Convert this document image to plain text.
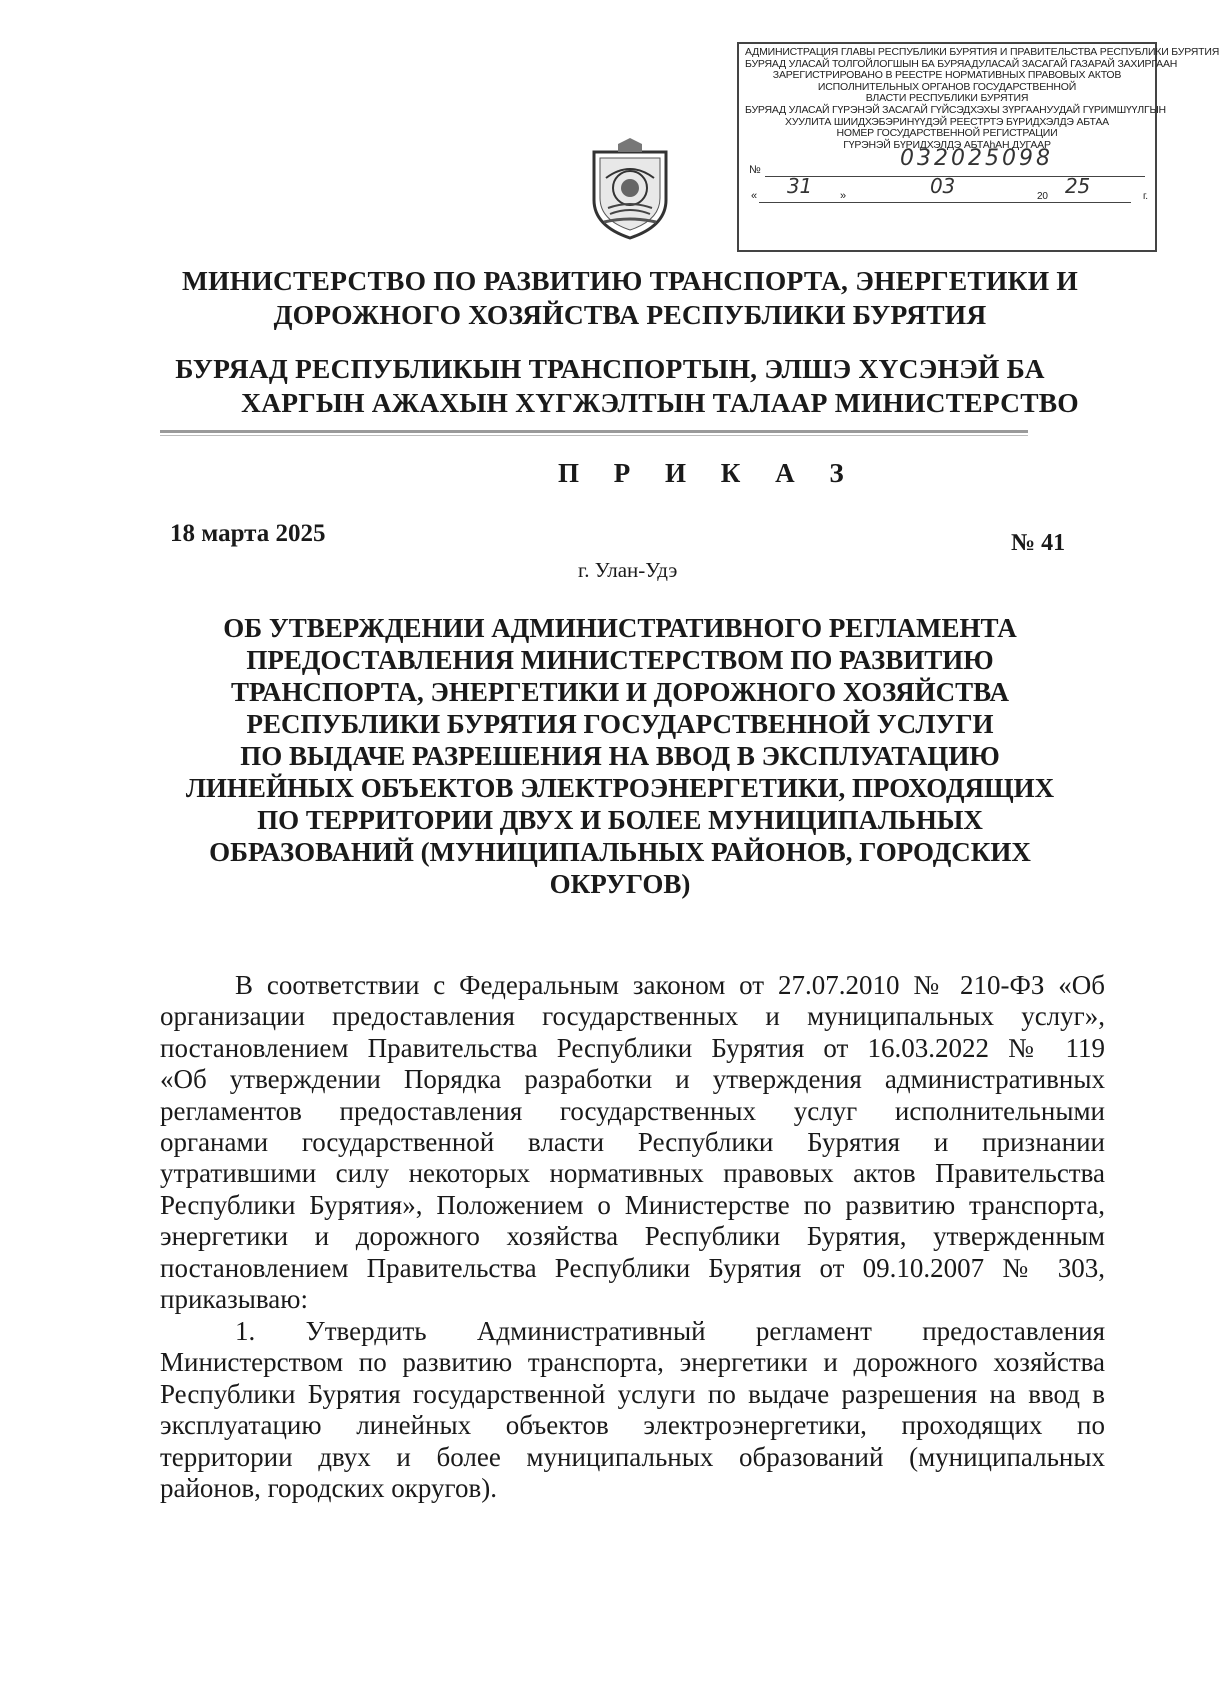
АДМИНИСТРАЦИЯ ГЛАВЫ РЕСПУБЛИКИ БУРЯТИЯ И ПРАВИТЕЛЬСТВА РЕСПУБЛИКИ БУРЯТИЯ
БУРЯАД УЛАСАЙ ТОЛГОЙЛОГШЫН БА БУРЯАДУЛАСАЙ ЗАСАГАЙ ГАЗАРАЙ ЗАХИРГААН
ЗАРЕГИСТРИРОВАНО В РЕЕСТРЕ НОРМАТИВНЫХ ПРАВОВЫХ АКТОВ
ИСПОЛНИТЕЛЬНЫХ ОРГАНОВ ГОСУДАРСТВЕННОЙ
ВЛАСТИ РЕСПУБЛИКИ БУРЯТИЯ
БУРЯАД УЛАСАЙ ГҮРЭНЭЙ ЗАСАГАЙ ГҮЙСЭДХЭХЫ ЗҮРГААНУУДАЙ ГҮРИМШҮҮЛГЫН
ХУУЛИТА ШИИДХЭБЭРИНҮҮДЭЙ РЕЕСТРТЭ БҮРИДХЭЛДЭ АБТАА
НОМЕР ГОСУДАРСТВЕННОЙ РЕГИСТРАЦИИ
ГҮРЭНЭЙ БҮРИДХЭЛДЭ АБТАһАН ДУГААР
№	032025098
« 31	»	03	20 25	г.
МИНИСТЕРСТВО ПО РАЗВИТИЮ ТРАНСПОРТА, ЭНЕРГЕТИКИ И
ДОРОЖНОГО ХОЗЯЙСТВА РЕСПУБЛИКИ БУРЯТИЯ
БУРЯАД РЕСПУБЛИКЫН ТРАНСПОРТЫН, ЭЛШЭ ХҮСЭНЭЙ БА
ХАРГЫН АЖАХЫН ХҮГЖЭЛТЫН ТАЛААР МИНИСТЕРСТВО
П Р И К А З
18 марта 2025	№ 41
г. Улан-Удэ
ОБ УТВЕРЖДЕНИИ АДМИНИСТРАТИВНОГО РЕГЛАМЕНТА
ПРЕДОСТАВЛЕНИЯ МИНИСТЕРСТВОМ ПО РАЗВИТИЮ
ТРАНСПОРТА, ЭНЕРГЕТИКИ И ДОРОЖНОГО ХОЗЯЙСТВА
РЕСПУБЛИКИ БУРЯТИЯ ГОСУДАРСТВЕННОЙ УСЛУГИ
ПО ВЫДАЧЕ РАЗРЕШЕНИЯ НА ВВОД В ЭКСПЛУАТАЦИЮ
ЛИНЕЙНЫХ ОБЪЕКТОВ ЭЛЕКТРОЭНЕРГЕТИКИ, ПРОХОДЯЩИХ
ПО ТЕРРИТОРИИ ДВУХ И БОЛЕЕ МУНИЦИПАЛЬНЫХ
ОБРАЗОВАНИЙ (МУНИЦИПАЛЬНЫХ РАЙОНОВ, ГОРОДСКИХ
ОКРУГОВ)
В соответствии с Федеральным законом от 27.07.2010 № 210-ФЗ «Об
организации предоставления государственных и муниципальных услуг»,
постановлением Правительства Республики Бурятия от 16.03.2022 № 119
«Об утверждении Порядка разработки и утверждения административных
регламентов предоставления государственных услуг исполнительными
органами государственной власти Республики Бурятия и признании
утратившими силу некоторых нормативных правовых актов Правительства
Республики Бурятия», Положением о Министерстве по развитию транспорта,
энергетики и дорожного хозяйства Республики Бурятия, утвержденным
постановлением Правительства Республики Бурятия от 09.10.2007 № 303,
приказываю:
1. Утвердить Административный регламент предоставления
Министерством по развитию транспорта, энергетики и дорожного хозяйства
Республики Бурятия государственной услуги по выдаче разрешения на ввод в
эксплуатацию линейных объектов электроэнергетики, проходящих по
территории двух и более муниципальных образований (муниципальных
районов, городских округов).
